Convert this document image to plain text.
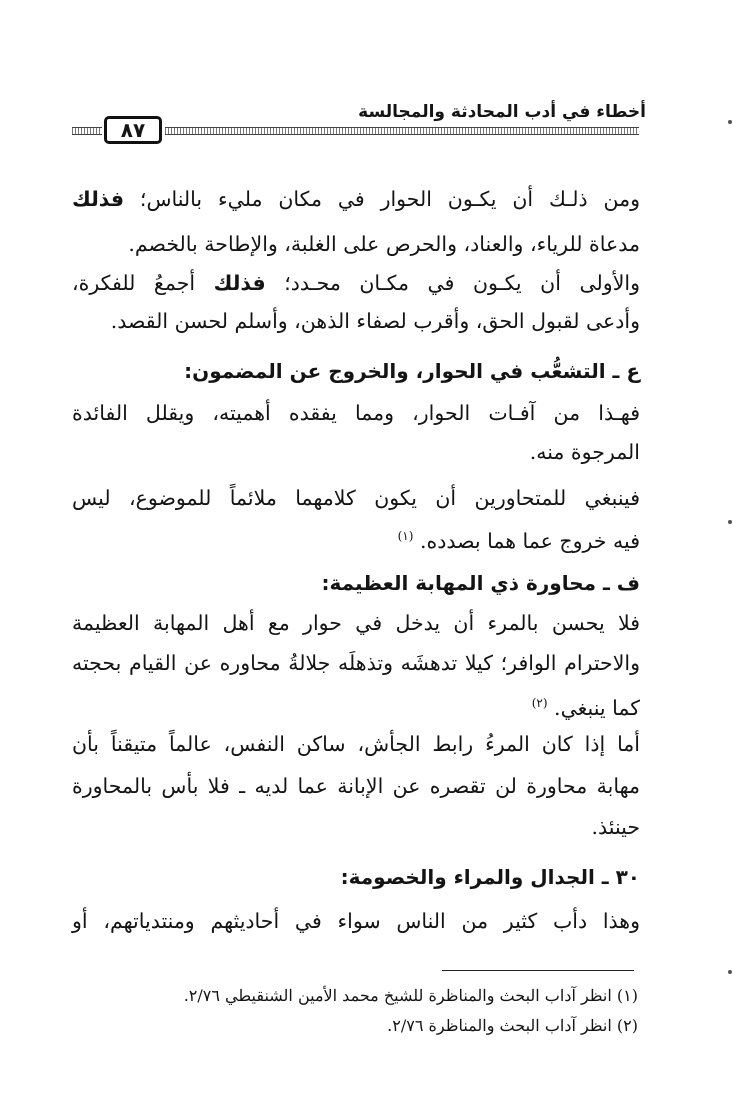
أخطاء في أدب المحادثة والمجالسة
٨٧
ومن ذلـك أن يكـون الحوار في مكان مليء بالناس؛ فذلك
مدعاة للرياء، والعناد، والحرص على الغلبة، والإطاحة بالخصم.
والأولى أن يكـون في مكـان محـدد؛ فذلك أجمعُ للفكرة،
وأدعى لقبول الحق، وأقرب لصفاء الذهن، وأسلم لحسن القصد.
ع ـ التشعُّب في الحوار، والخروج عن المضمون:
فهـذا من آفـات الحوار، ومما يفقده أهميته، ويقلل الفائدة
المرجوة منه.
فينبغي للمتحاورين أن يكون كلامهما ملائماً للموضوع، ليس
فيه خروج عما هما بصدده. $^{(١)}$
ف ـ محاورة ذي المهابة العظيمة:
فلا يحسن بالمرء أن يدخل في حوار مع أهل المهابة العظيمة
والاحترام الوافر؛ كيلا تدهشَه وتذهلَه جلالةُ محاوره عن القيام بحجته
كما ينبغي. $^{(٢)}$
أما إذا كان المرءُ رابط الجأش، ساكن النفس، عالماً متيقناً بأن
مهابة محاورة لن تقصره عن الإبانة عما لديه ـ فلا بأس بالمحاورة
حينئذ.
٣٠ ـ الجدال والمراء والخصومة:
وهذا دأب كثير من الناس سواء في أحاديثهم ومنتدياتهم، أو
(١) انظر آداب البحث والمناظرة للشيخ محمد الأمين الشنقيطي ٢/٧٦.
(٢) انظر آداب البحث والمناظرة ٢/٧٦.
